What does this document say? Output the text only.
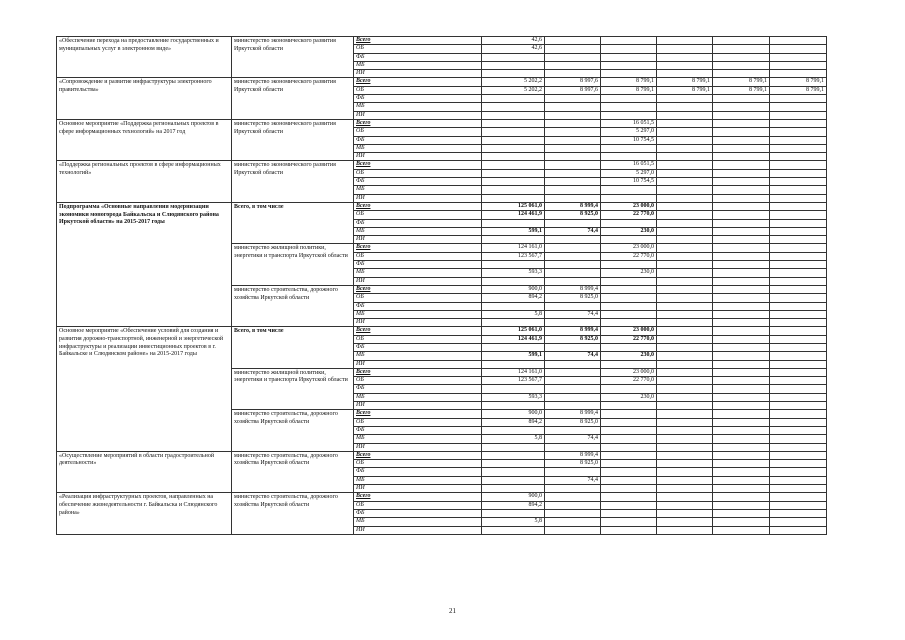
«Обеспечение перехода на предоставление государственных и муниципальных услуг в электронном виде»	министерство экономического развития Иркутской области	Всего	42,6					
		ОБ	42,6					
		ФБ						
		МБ						
		ИИ						
«Сопровождение и развитие инфраструктуры электронного правительства»	министерство экономического развития Иркутской области	Всего	5 202,2	8 997,6	8 799,1	8 799,1	8 799,1	8 799,1
		ОБ	5 202,2	8 997,6	8 799,1	8 799,1	8 799,1	8 799,1
		ФБ						
		МБ						
		ИИ						
Основное мероприятие «Поддержка региональных проектов в сфере информационных технологий» на 2017 год	министерство экономического развития Иркутской области	Всего			16 051,5			
		ОБ			5 297,0			
		ФБ			10 754,5			
		МБ						
		ИИ						
«Поддержка региональных проектов в сфере информационных технологий»	министерство экономического развития Иркутской области	Всего			16 051,5			
		ОБ			5 297,0			
		ФБ			10 754,5			
		МБ						
		ИИ						
Подпрограмма «Основные направления модернизации экономики моногорода Байкальска и Слюдянского района Иркутской области» на 2015-2017 годы	Всего, в том числе	Всего	125 061,0	8 999,4	23 000,0			
		ОБ	124 461,9	8 925,0	22 770,0			
		ФБ						
		МБ	599,1	74,4	230,0			
		ИИ						
	министерство жилищной политики, энергетики и транспорта Иркутской области	Всего	124 161,0		23 000,0			
		ОБ	123 567,7		22 770,0			
		ФБ						
		МБ	593,3		230,0			
		ИИ						
	министерство строительства, дорожного хозяйства Иркутской области	Всего	900,0	8 999,4				
		ОБ	894,2	8 925,0				
		ФБ						
		МБ	5,8	74,4				
		ИИ						
Основное мероприятие «Обеспечение условий для создания и развития дорожно-транспортной, инженерной и энергетической инфраструктуры и реализации инвестиционных проектов в г. Байкальске и Слюдянском районе» на 2015-2017 годы	Всего, в том числе	Всего	125 061,0	8 999,4	23 000,0			
		ОБ	124 461,9	8 925,0	22 770,0			
		ФБ						
		МБ	599,1	74,4	230,0			
		ИИ						
	министерство жилищной политики, энергетики и транспорта Иркутской области	Всего	124 161,0		23 000,0			
		ОБ	123 567,7		22 770,0			
		ФБ						
		МБ	593,3		230,0			
		ИИ						
	министерство строительства, дорожного хозяйства Иркутской области	Всего	900,0	8 999,4				
		ОБ	894,2	8 925,0				
		ФБ						
		МБ	5,8	74,4				
		ИИ						
«Осуществление мероприятий в области градостроительной деятельности»	министерство строительства, дорожного хозяйства Иркутской области	Всего		8 999,4				
		ОБ		8 925,0				
		ФБ						
		МБ		74,4				
		ИИ						
«Реализация инфраструктурных проектов, направленных на обеспечение жизнедеятельности г. Байкальска и Слюдянского района»	министерство строительства, дорожного хозяйства Иркутской области	Всего	900,0					
		ОБ	894,2					
		ФБ						
		МБ	5,8					
		ИИ						
21
